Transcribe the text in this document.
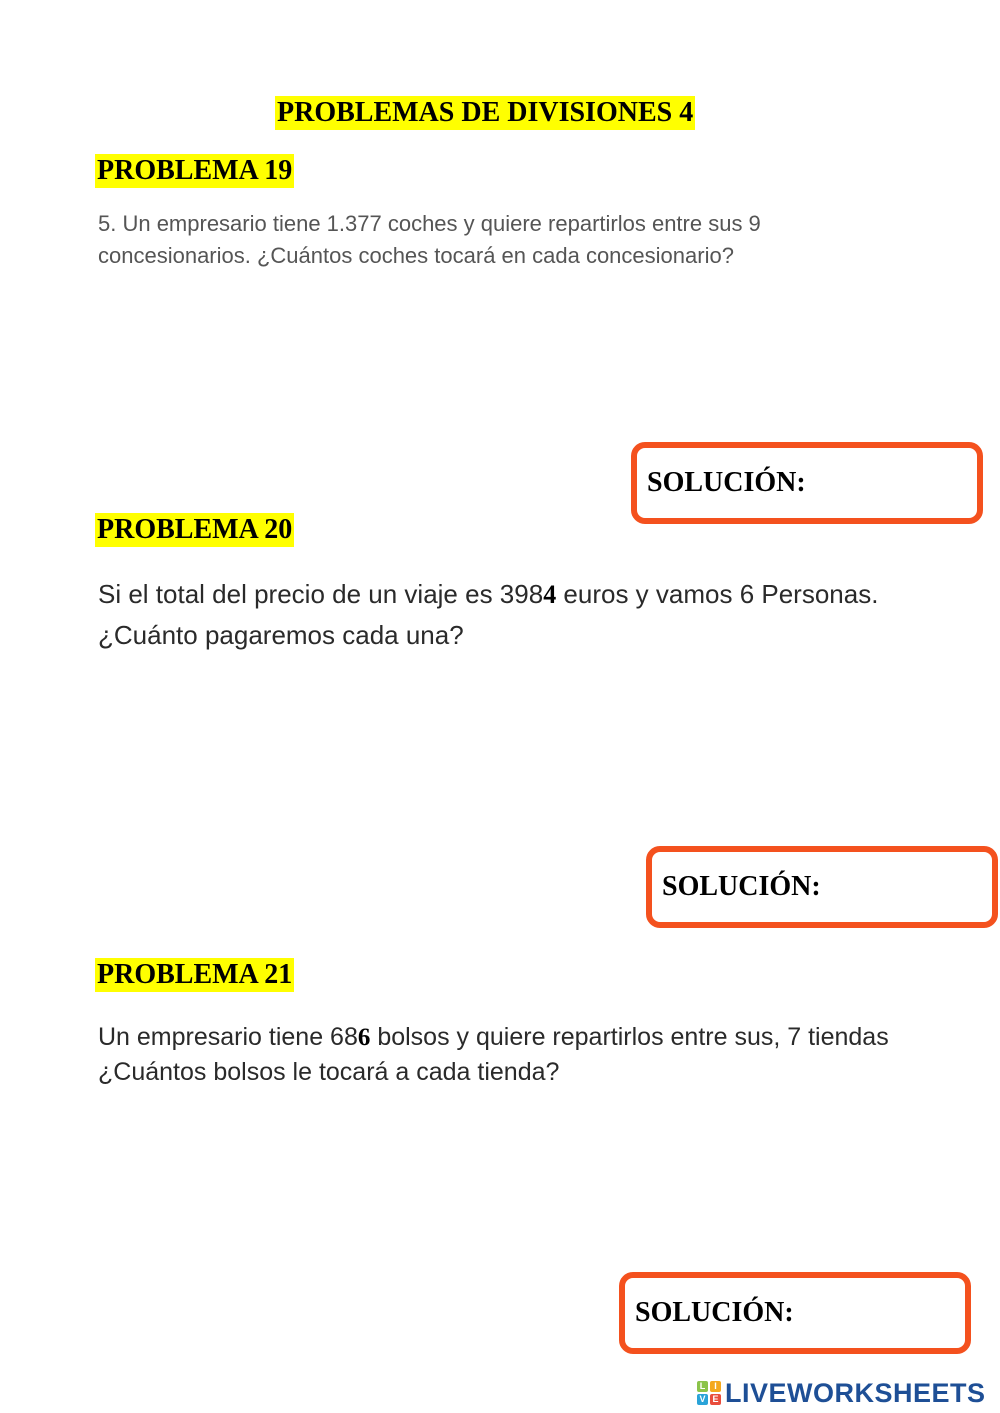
PROBLEMAS DE DIVISIONES 4
PROBLEMA 19
5. Un empresario tiene 1.377 coches y quiere repartirlos entre sus 9 concesionarios. ¿Cuántos coches tocará en cada concesionario?
SOLUCIÓN:
PROBLEMA 20
Si el total del precio de un viaje es 3984 euros y vamos 6 Personas. ¿Cuánto pagaremos cada una?
SOLUCIÓN:
PROBLEMA 21
Un empresario tiene 686 bolsos y quiere repartirlos entre sus, 7 tiendas ¿Cuántos bolsos le tocará a cada tienda?
SOLUCIÓN:
L I
V E LIVEWORKSHEETS
